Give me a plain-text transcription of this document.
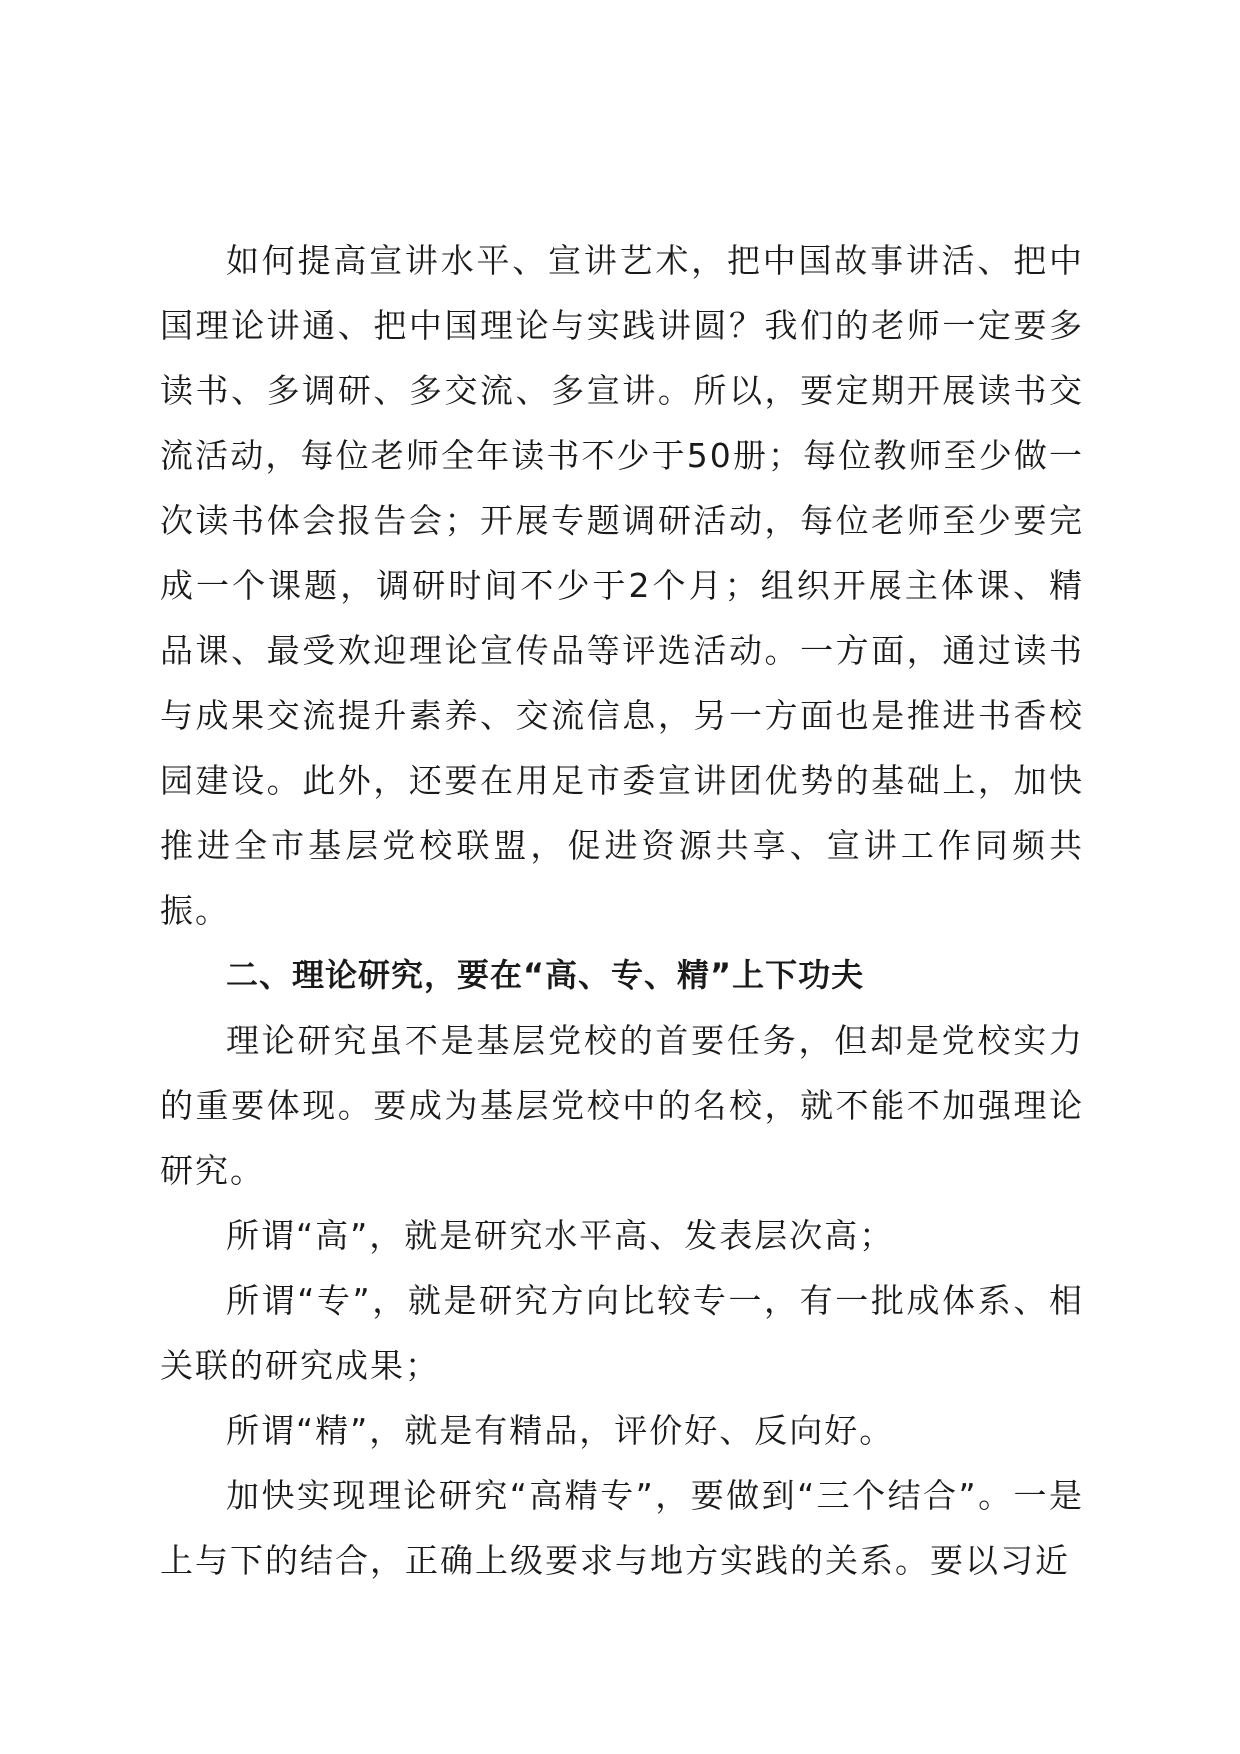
如何提高宣讲水平、宣讲艺术，把中国故事讲活、把中国理论讲通、把中国理论与实践讲圆？我们的老师一定要多读书、多调研、多交流、多宣讲。所以，要定期开展读书交流活动，每位老师全年读书不少于50册；每位教师至少做一次读书体会报告会；开展专题调研活动，每位老师至少要完成一个课题，调研时间不少于2个月；组织开展主体课、精品课、最受欢迎理论宣传品等评选活动。一方面，通过读书与成果交流提升素养、交流信息，另一方面也是推进书香校园建设。此外，还要在用足市委宣讲团优势的基础上，加快推进全市基层党校联盟，促进资源共享、宣讲工作同频共振。

二、理论研究，要在“高、专、精”上下功夫

理论研究虽不是基层党校的首要任务，但却是党校实力的重要体现。要成为基层党校中的名校，就不能不加强理论研究。

所谓“高”，就是研究水平高、发表层次高；

所谓“专”，就是研究方向比较专一，有一批成体系、相关联的研究成果；

所谓“精”，就是有精品，评价好、反向好。

加快实现理论研究“高精专”，要做到“三个结合”。一是上与下的结合，正确上级要求与地方实践的关系。要以习近
